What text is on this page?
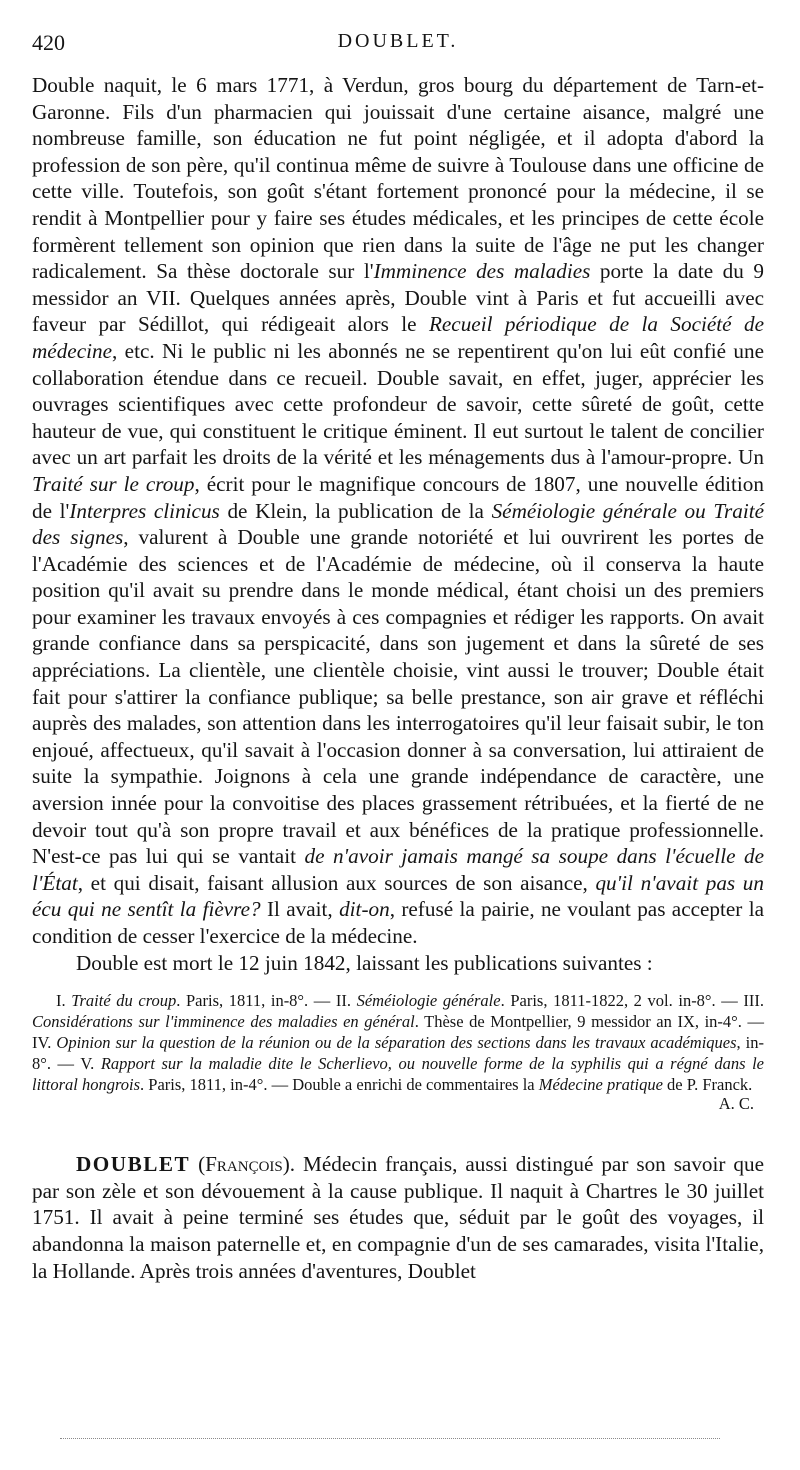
420	DOUBLET.

Double naquit, le 6 mars 1771, à Verdun, gros bourg du département de Tarn-et-Garonne. Fils d'un pharmacien qui jouissait d'une certaine aisance, malgré une nombreuse famille, son éducation ne fut point négligée, et il adopta d'abord la profession de son père, qu'il continua même de suivre à Toulouse dans une officine de cette ville. Toutefois, son goût s'étant fortement prononcé pour la médecine, il se rendit à Montpellier pour y faire ses études médicales, et les principes de cette école formèrent tellement son opinion que rien dans la suite de l'âge ne put les changer radicalement. Sa thèse doctorale sur l'Imminence des maladies porte la date du 9 messidor an VII. Quelques années après, Double vint à Paris et fut accueilli avec faveur par Sédillot, qui rédigeait alors le Recueil périodique de la Société de médecine, etc. Ni le public ni les abonnés ne se repentirent qu'on lui eût confié une collaboration étendue dans ce recueil. Double savait, en effet, juger, apprécier les ouvrages scientifiques avec cette profondeur de savoir, cette sûreté de goût, cette hauteur de vue, qui constituent le critique éminent. Il eut surtout le talent de concilier avec un art parfait les droits de la vérité et les ménagements dus à l'amour-propre. Un Traité sur le croup, écrit pour le magnifique concours de 1807, une nouvelle édition de l'Interpres clinicus de Klein, la publication de la Séméiologie générale ou Traité des signes, valurent à Double une grande notoriété et lui ouvrirent les portes de l'Académie des sciences et de l'Académie de médecine, où il conserva la haute position qu'il avait su prendre dans le monde médical, étant choisi un des premiers pour examiner les travaux envoyés à ces compagnies et rédiger les rapports. On avait grande confiance dans sa perspicacité, dans son jugement et dans la sûreté de ses appréciations. La clientèle, une clientèle choisie, vint aussi le trouver; Double était fait pour s'attirer la confiance publique; sa belle prestance, son air grave et réfléchi auprès des malades, son attention dans les interrogatoires qu'il leur faisait subir, le ton enjoué, affectueux, qu'il savait à l'occasion donner à sa conversation, lui attiraient de suite la sympathie. Joignons à cela une grande indépendance de caractère, une aversion innée pour la convoitise des places grassement rétribuées, et la fierté de ne devoir tout qu'à son propre travail et aux bénéfices de la pratique professionnelle. N'est-ce pas lui qui se vantait de n'avoir jamais mangé sa soupe dans l'écuelle de l'État, et qui disait, faisant allusion aux sources de son aisance, qu'il n'avait pas un écu qui ne sentît la fièvre? Il avait, dit-on, refusé la pairie, ne voulant pas accepter la condition de cesser l'exercice de la médecine.

Double est mort le 12 juin 1842, laissant les publications suivantes :

I. Traité du croup. Paris, 1811, in-8°. — II. Séméiologie générale. Paris, 1811-1822, 2 vol. in-8°. — III. Considérations sur l'imminence des maladies en général. Thèse de Montpellier, 9 messidor an IX, in-4°. — IV. Opinion sur la question de la réunion ou de la séparation des sections dans les travaux académiques, in-8°. — V. Rapport sur la maladie dite le Scherlievo, ou nouvelle forme de la syphilis qui a régné dans le littoral hongrois. Paris, 1811, in-4°. — Double a enrichi de commentaires la Médecine pratique de P. Franck.

A. C.

DOUBLET (François). Médecin français, aussi distingué par son savoir que par son zèle et son dévouement à la cause publique. Il naquit à Chartres le 30 juillet 1751. Il avait à peine terminé ses études que, séduit par le goût des voyages, il abandonna la maison paternelle et, en compagnie d'un de ses camarades, visita l'Italie, la Hollande. Après trois années d'aventures, Doublet
